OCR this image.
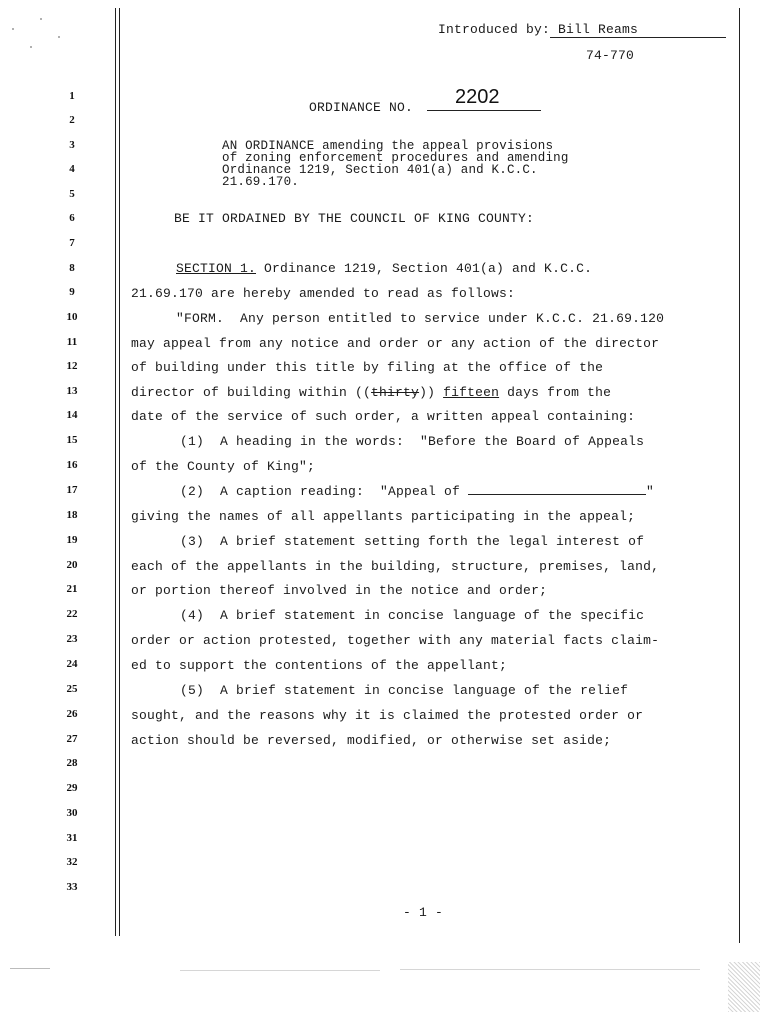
1
2
3
4
5
6
7
8
9
10
11
12
13
14
15
16
17
18
19
20
21
22
23
24
25
26
27
28
29
30
31
32
33
Introduced by: Bill Reams
74-770
ORDINANCE NO.	2202
AN ORDINANCE amending the appeal provisions
of zoning enforcement procedures and amending
Ordinance 1219, Section 401(a) and K.C.C.
21.69.170.
BE IT ORDAINED BY THE COUNCIL OF KING COUNTY:
SECTION 1. Ordinance 1219, Section 401(a) and K.C.C.
21.69.170 are hereby amended to read as follows:
"FORM.  Any person entitled to service under K.C.C. 21.69.120
may appeal from any notice and order or any action of the director
of building under this title by filing at the office of the
director of building within ((thirty)) fifteen days from the
date of the service of such order, a written appeal containing:
(1)  A heading in the words:  "Before the Board of Appeals
of the County of King";
(2)  A caption reading:  "Appeal of	"
giving the names of all appellants participating in the appeal;
(3)  A brief statement setting forth the legal interest of
each of the appellants in the building, structure, premises, land,
or portion thereof involved in the notice and order;
(4)  A brief statement in concise language of the specific
order or action protested, together with any material facts claim-
ed to support the contentions of the appellant;
(5)  A brief statement in concise language of the relief
sought, and the reasons why it is claimed the protested order or
action should be reversed, modified, or otherwise set aside;
- 1 -
